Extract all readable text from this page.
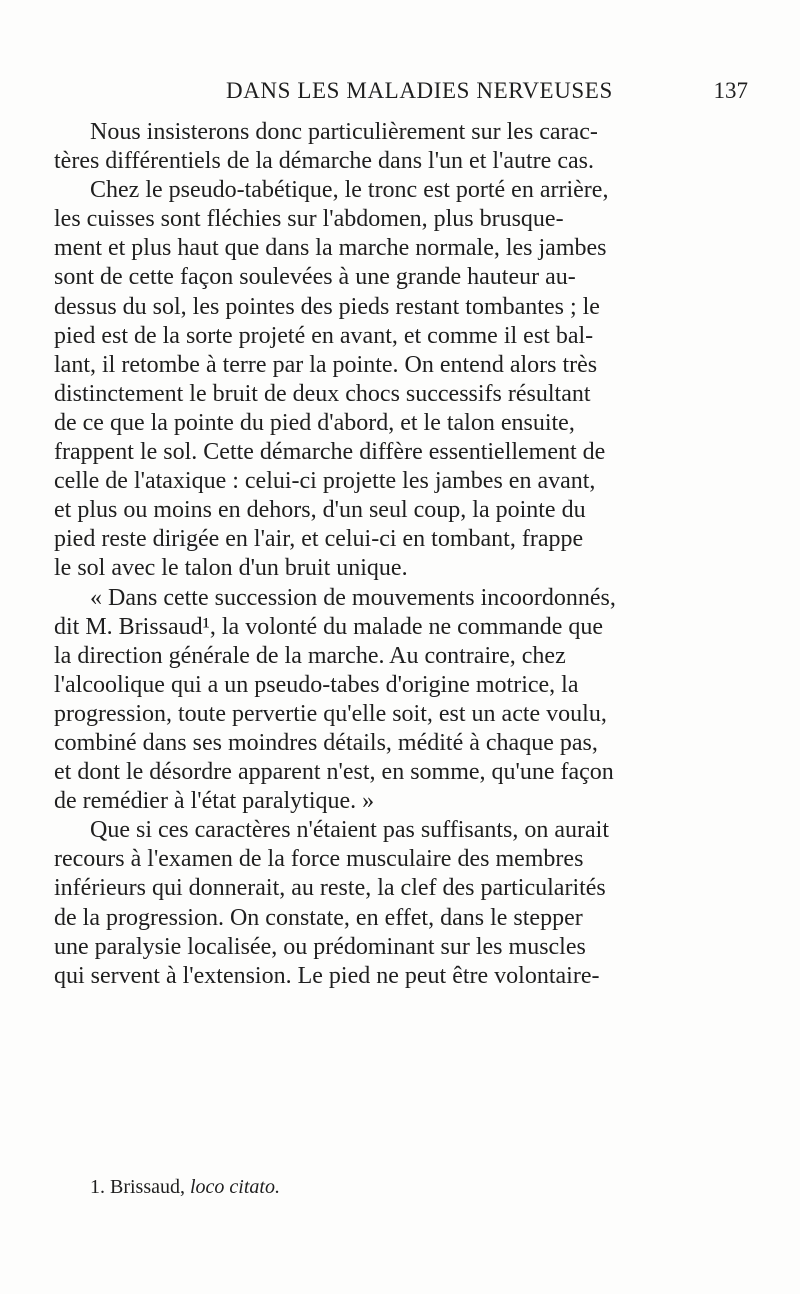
DANS LES MALADIES NERVEUSES	137
Nous insisterons donc particulièrement sur les carac-
tères différentiels de la démarche dans l'un et l'autre cas.
Chez le pseudo-tabétique, le tronc est porté en arrière,
les cuisses sont fléchies sur l'abdomen, plus brusque-
ment et plus haut que dans la marche normale, les jambes
sont de cette façon soulevées à une grande hauteur au-
dessus du sol, les pointes des pieds restant tombantes ; le
pied est de la sorte projeté en avant, et comme il est bal-
lant, il retombe à terre par la pointe. On entend alors très
distinctement le bruit de deux chocs successifs résultant
de ce que la pointe du pied d'abord, et le talon ensuite,
frappent le sol. Cette démarche diffère essentiellement de
celle de l'ataxique : celui-ci projette les jambes en avant,
et plus ou moins en dehors, d'un seul coup, la pointe du
pied reste dirigée en l'air, et celui-ci en tombant, frappe
le sol avec le talon d'un bruit unique.
« Dans cette succession de mouvements incoordonnés,
dit M. Brissaud¹, la volonté du malade ne commande que
la direction générale de la marche. Au contraire, chez
l'alcoolique qui a un pseudo-tabes d'origine motrice, la
progression, toute pervertie qu'elle soit, est un acte voulu,
combiné dans ses moindres détails, médité à chaque pas,
et dont le désordre apparent n'est, en somme, qu'une façon
de remédier à l'état paralytique. »
Que si ces caractères n'étaient pas suffisants, on aurait
recours à l'examen de la force musculaire des membres
inférieurs qui donnerait, au reste, la clef des particularités
de la progression. On constate, en effet, dans le stepper
une paralysie localisée, ou prédominant sur les muscles
qui servent à l'extension. Le pied ne peut être volontaire-
1. Brissaud, loco citato.
